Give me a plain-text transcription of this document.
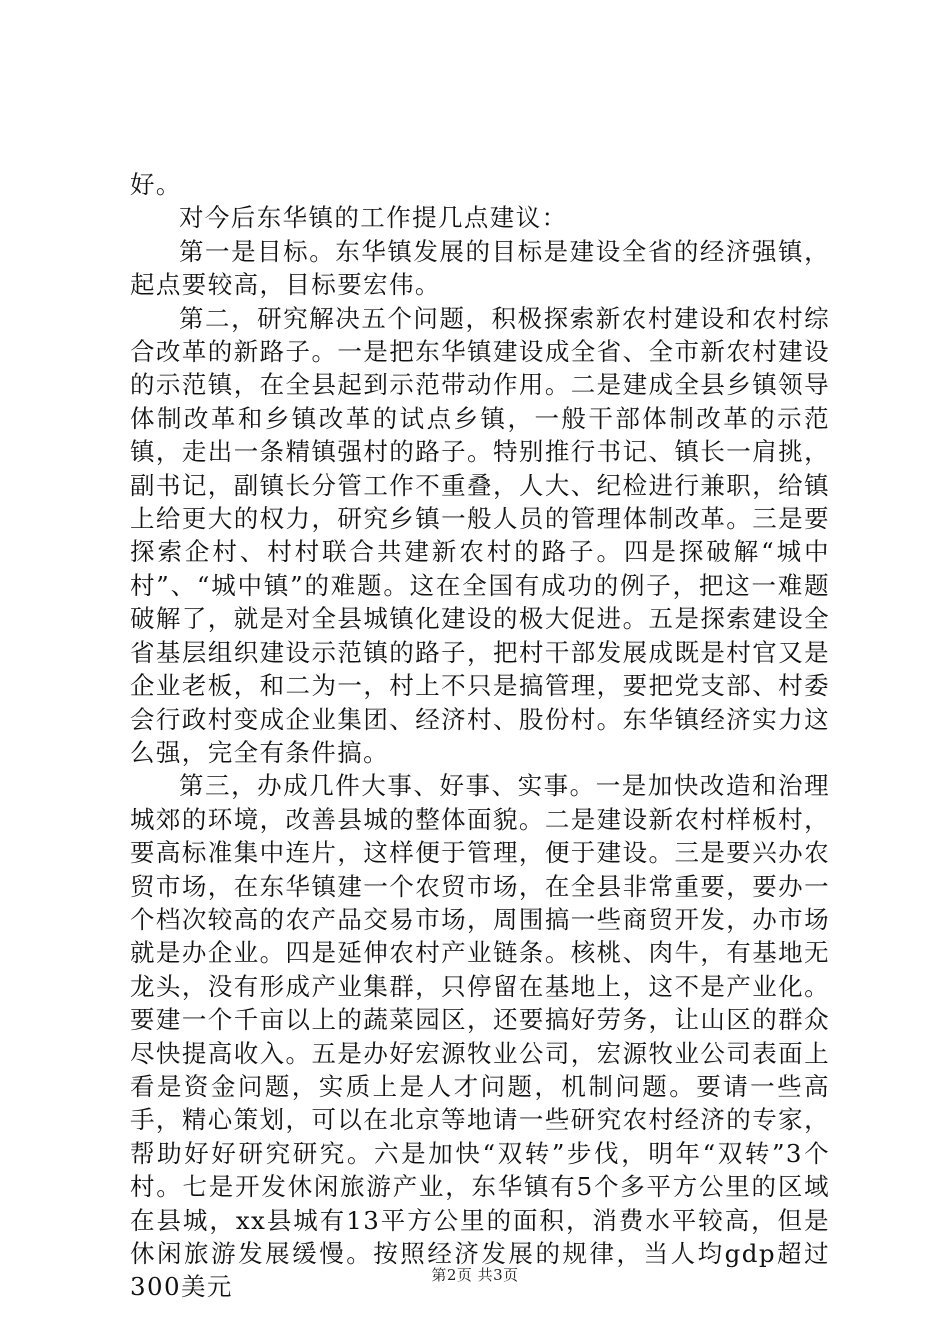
好。

对今后东华镇的工作提几点建议：

第一是目标。东华镇发展的目标是建设全省的经济强镇，起点要较高，目标要宏伟。

第二，研究解决五个问题，积极探索新农村建设和农村综合改革的新路子。一是把东华镇建设成全省、全市新农村建设的示范镇，在全县起到示范带动作用。二是建成全县乡镇领导体制改革和乡镇改革的试点乡镇，一般干部体制改革的示范镇，走出一条精镇强村的路子。特别推行书记、镇长一肩挑，副书记，副镇长分管工作不重叠，人大、纪检进行兼职，给镇上给更大的权力，研究乡镇一般人员的管理体制改革。三是要探索企村、村村联合共建新农村的路子。四是探破解“城中村”、“城中镇”的难题。这在全国有成功的例子，把这一难题破解了，就是对全县城镇化建设的极大促进。五是探索建设全省基层组织建设示范镇的路子，把村干部发展成既是村官又是企业老板，和二为一，村上不只是搞管理，要把党支部、村委会行政村变成企业集团、经济村、股份村。东华镇经济实力这么强，完全有条件搞。

第三，办成几件大事、好事、实事。一是加快改造和治理城郊的环境，改善县城的整体面貌。二是建设新农村样板村，要高标准集中连片，这样便于管理，便于建设。三是要兴办农贸市场，在东华镇建一个农贸市场，在全县非常重要，要办一个档次较高的农产品交易市场，周围搞一些商贸开发，办市场就是办企业。四是延伸农村产业链条。核桃、肉牛，有基地无龙头，没有形成产业集群，只停留在基地上，这不是产业化。要建一个千亩以上的蔬菜园区，还要搞好劳务，让山区的群众尽快提高收入。五是办好宏源牧业公司，宏源牧业公司表面上看是资金问题，实质上是人才问题，机制问题。要请一些高手，精心策划，可以在北京等地请一些研究农村经济的专家，帮助好好研究研究。六是加快“双转”步伐，明年“双转”3个村。七是开发休闲旅游产业，东华镇有5个多平方公里的区域在县城，xx县城有13平方公里的面积，消费水平较高，但是休闲旅游发展缓慢。按照经济发展的规律，当人均gdp超过300美元	第2页 共3页
